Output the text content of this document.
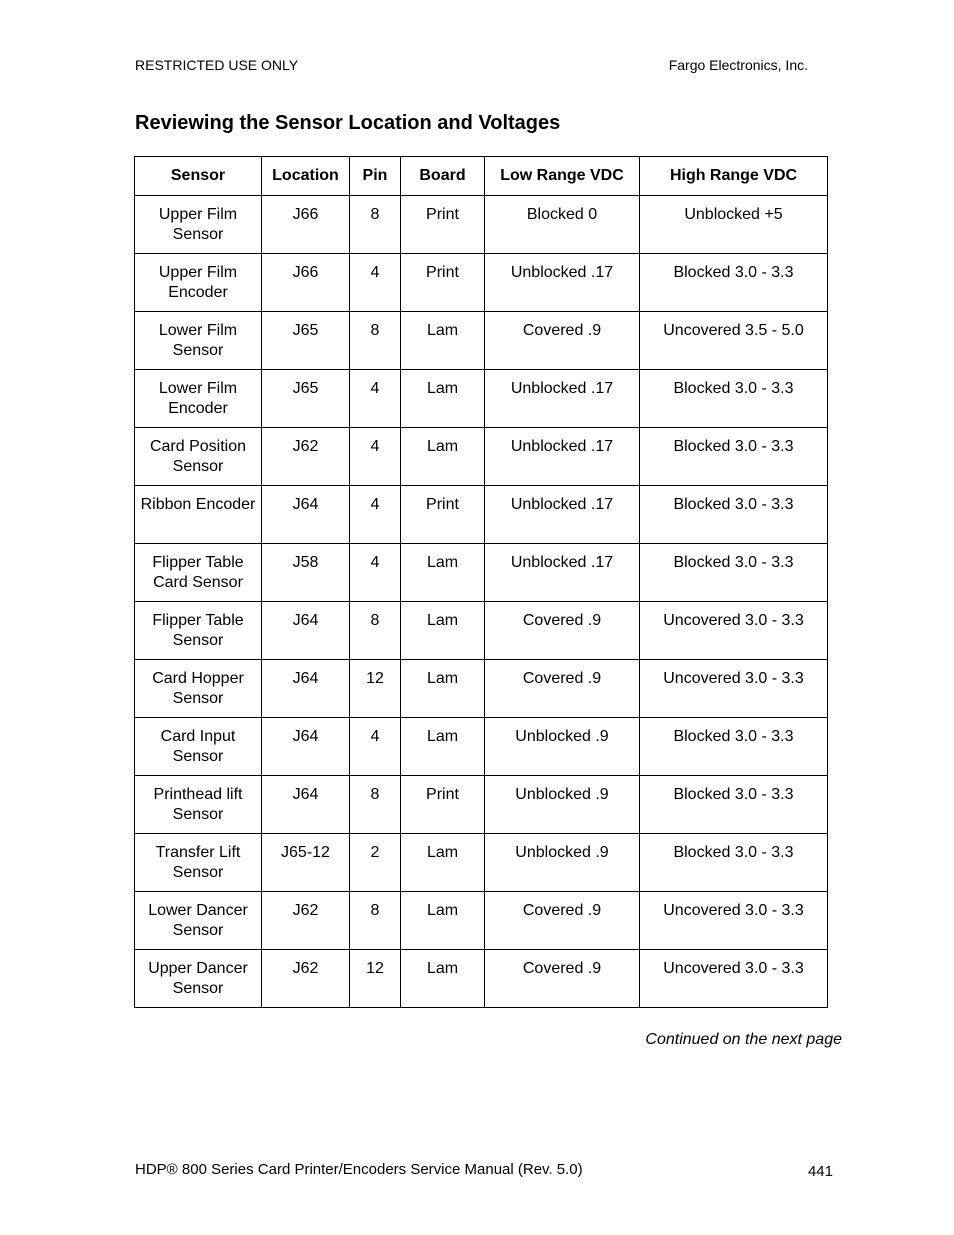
RESTRICTED USE ONLY	Fargo Electronics, Inc.
Reviewing the Sensor Location and Voltages
Sensor	Location	Pin	Board	Low Range VDC	High Range VDC
Upper Film Sensor	J66	8	Print	Blocked 0	Unblocked +5
Upper Film Encoder	J66	4	Print	Unblocked .17	Blocked 3.0 - 3.3
Lower Film Sensor	J65	8	Lam	Covered .9	Uncovered 3.5 - 5.0
Lower Film Encoder	J65	4	Lam	Unblocked .17	Blocked 3.0 - 3.3
Card Position Sensor	J62	4	Lam	Unblocked .17	Blocked 3.0 - 3.3
Ribbon Encoder	J64	4	Print	Unblocked .17	Blocked 3.0 - 3.3
Flipper Table Card Sensor	J58	4	Lam	Unblocked .17	Blocked 3.0 - 3.3
Flipper Table Sensor	J64	8	Lam	Covered .9	Uncovered 3.0 - 3.3
Card Hopper Sensor	J64	12	Lam	Covered .9	Uncovered 3.0 - 3.3
Card Input Sensor	J64	4	Lam	Unblocked .9	Blocked 3.0 - 3.3
Printhead lift Sensor	J64	8	Print	Unblocked .9	Blocked 3.0 - 3.3
Transfer Lift Sensor	J65-12	2	Lam	Unblocked .9	Blocked 3.0 - 3.3
Lower Dancer Sensor	J62	8	Lam	Covered .9	Uncovered 3.0 - 3.3
Upper Dancer Sensor	J62	12	Lam	Covered .9	Uncovered 3.0 - 3.3
Continued on the next page
HDP® 800 Series Card Printer/Encoders Service Manual (Rev. 5.0)	441
